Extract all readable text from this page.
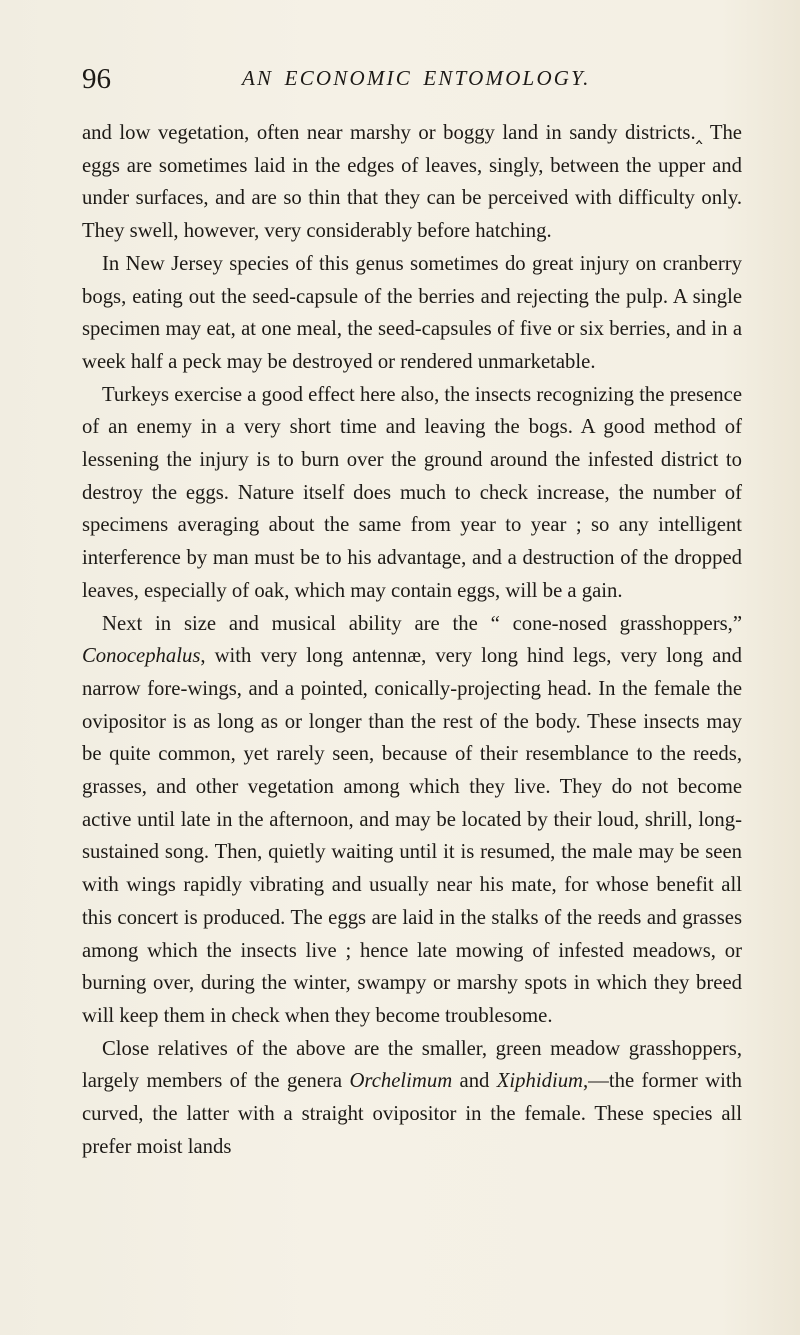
96	AN ECONOMIC ENTOMOLOGY.

and low vegetation, often near marshy or boggy land in sandy districts.‸ The eggs are sometimes laid in the edges of leaves, singly, between the upper and under surfaces, and are so thin that they can be perceived with difficulty only. They swell, however, very considerably before hatching.

In New Jersey species of this genus sometimes do great injury on cranberry bogs, eating out the seed-capsule of the berries and rejecting the pulp. A single specimen may eat, at one meal, the seed-capsules of five or six berries, and in a week half a peck may be destroyed or rendered unmarketable.

Turkeys exercise a good effect here also, the insects recognizing the presence of an enemy in a very short time and leaving the bogs. A good method of lessening the injury is to burn over the ground around the infested district to destroy the eggs. Nature itself does much to check increase, the number of specimens averaging about the same from year to year ; so any intelligent interference by man must be to his advantage, and a destruction of the dropped leaves, especially of oak, which may contain eggs, will be a gain.

Next in size and musical ability are the “ cone-nosed grasshoppers,” Conocephalus, with very long antennæ, very long hind legs, very long and narrow fore-wings, and a pointed, conically-projecting head. In the female the ovipositor is as long as or longer than the rest of the body. These insects may be quite common, yet rarely seen, because of their resemblance to the reeds, grasses, and other vegetation among which they live. They do not become active until late in the afternoon, and may be located by their loud, shrill, long-sustained song. Then, quietly waiting until it is resumed, the male may be seen with wings rapidly vibrating and usually near his mate, for whose benefit all this concert is produced. The eggs are laid in the stalks of the reeds and grasses among which the insects live ; hence late mowing of infested meadows, or burning over, during the winter, swampy or marshy spots in which they breed will keep them in check when they become troublesome.

Close relatives of the above are the smaller, green meadow grasshoppers, largely members of the genera Orchelimum and Xiphidium,—the former with curved, the latter with a straight ovipositor in the female. These species all prefer moist lands
